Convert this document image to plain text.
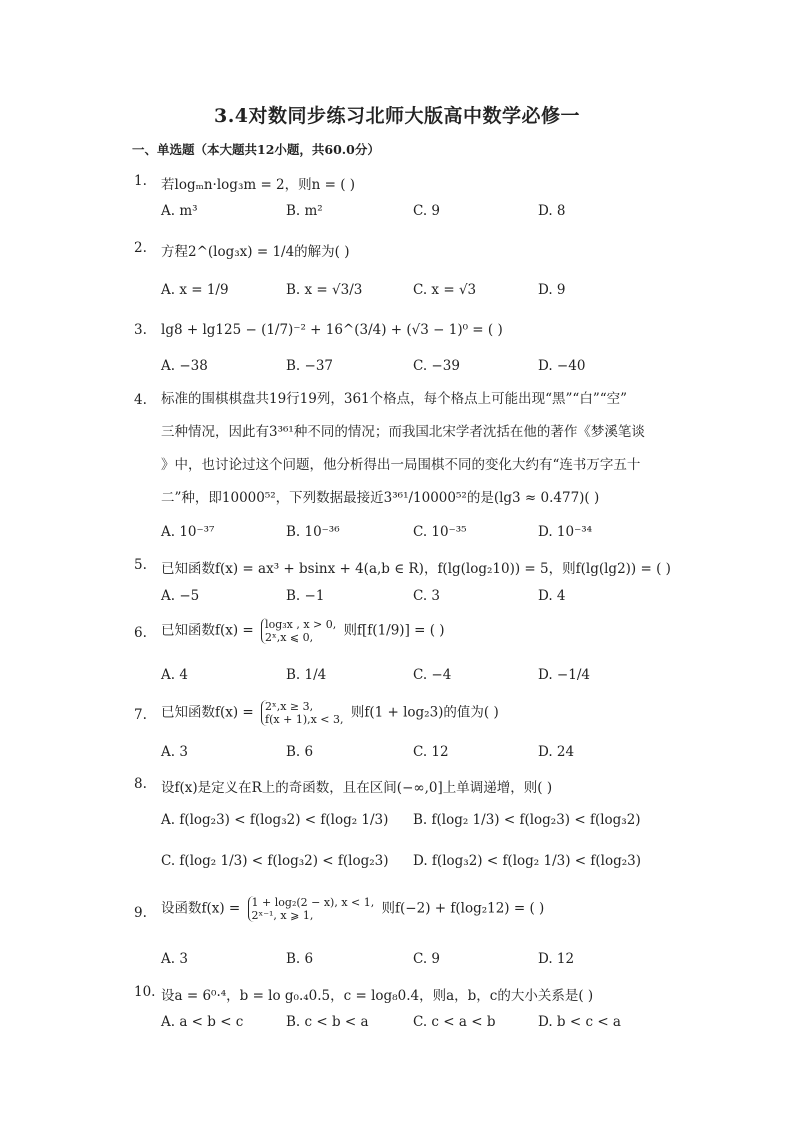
3.4对数同步练习北师大版高中数学必修一
一、单选题（本大题共12小题，共60.0分）
1.	若logₘn·log₃m = 2，则n = ( )
A. m³	B. m²	C. 9	D. 8
2.	方程2^(log₃x) = 1/4的解为( )
A. x = 1/9	B. x = √3/3	C. x = √3	D. 9
3.	lg8 + lg125 − (1/7)⁻² + 16^(3/4) + (√3 − 1)⁰ = ( )
A. −38	B. −37	C. −39	D. −40
4.	标准的围棋棋盘共19行19列，361个格点，每个格点上可能出现“黑”“白”“空”
三种情况，因此有3³⁶¹种不同的情况；而我国北宋学者沈括在他的著作《梦溪笔谈
》中，也讨论过这个问题，他分析得出一局围棋不同的变化大约有“连书万字五十
二”种，即10000⁵²，下列数据最接近3³⁶¹/10000⁵²的是(lg3 ≈ 0.477)( )
A. 10⁻³⁷	B. 10⁻³⁶	C. 10⁻³⁵	D. 10⁻³⁴
5.	已知函数f(x) = ax³ + bsinx + 4(a,b ∈ R)，f(lg(log₂10)) = 5，则f(lg(lg2)) = ( )
A. −5	B. −1	C. 3	D. 4
6.	已知函数f(x) = log₃x , x > 0,
2ˣ,x ⩽ 0,	则f[f(1/9)] = ( )
A. 4	B. 1/4	C. −4	D. −1/4
7.	已知函数f(x) = 2ˣ,x ≥ 3,
f(x + 1),x < 3, 则f(1 + log₂3)的值为( )
A. 3	B. 6	C. 12	D. 24
8.	设f(x)是定义在R上的奇函数，且在区间(−∞,0]上单调递增，则( )
A. f(log₂3) < f(log₃2) < f(log₂ 1/3) B. f(log₂ 1/3) < f(log₂3) < f(log₃2)
C. f(log₂ 1/3) < f(log₃2) < f(log₂3) D. f(log₃2) < f(log₂ 1/3) < f(log₂3)
9.	设函数f(x) = 1 + log₂(2 − x), x < 1,
2ˣ⁻¹, x ⩾ 1,	则f(−2) + f(log₂12) = ( )
A. 3	B. 6	C. 9	D. 12
10. 设a = 6⁰·⁴，b = lo g₀.₄0.5，c = log₈0.4，则a，b，c的大小关系是( )
A. a < b < c	B. c < b < a	C. c < a < b	D. b < c < a
